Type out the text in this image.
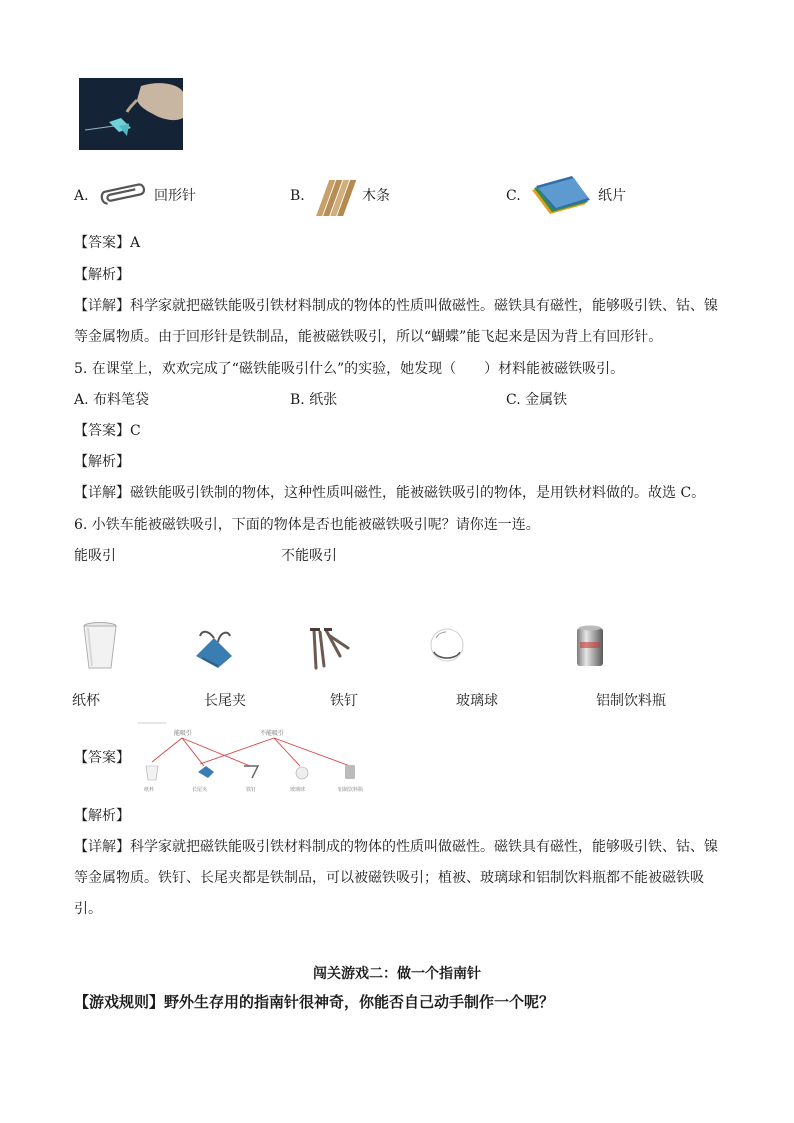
A.	回形针	B.	木条	C.	纸片
【答案】A
【解析】
【详解】科学家就把磁铁能吸引铁材料制成的物体的性质叫做磁性。磁铁具有磁性，能够吸引铁、钴、镍
等金属物质。由于回形针是铁制品，能被磁铁吸引，所以“蝴蝶”能飞起来是因为背上有回形针。
5. 在课堂上，欢欢完成了“磁铁能吸引什么”的实验，她发现（　　）材料能被磁铁吸引。
A. 布料笔袋	B. 纸张	C. 金属铁
【答案】C
【解析】
【详解】磁铁能吸引铁制的物体，这种性质叫磁性，能被磁铁吸引的物体，是用铁材料做的。故选 C。
6. 小铁车能被磁铁吸引，下面的物体是否也能被磁铁吸引呢？请你连一连。
能吸引	不能吸引
纸杯	长尾夹	铁钉	玻璃球	铝制饮料瓶
【答案】
能吸引	不能吸引
纸杯	长尾夹	铁钉	玻璃球	铝制饮料瓶
【解析】
【详解】科学家就把磁铁能吸引铁材料制成的物体的性质叫做磁性。磁铁具有磁性，能够吸引铁、钴、镍
等金属物质。铁钉、长尾夹都是铁制品，可以被磁铁吸引；植被、玻璃球和铝制饮料瓶都不能被磁铁吸
引。
闯关游戏二：做一个指南针
【游戏规则】野外生存用的指南针很神奇，你能否自己动手制作一个呢？
